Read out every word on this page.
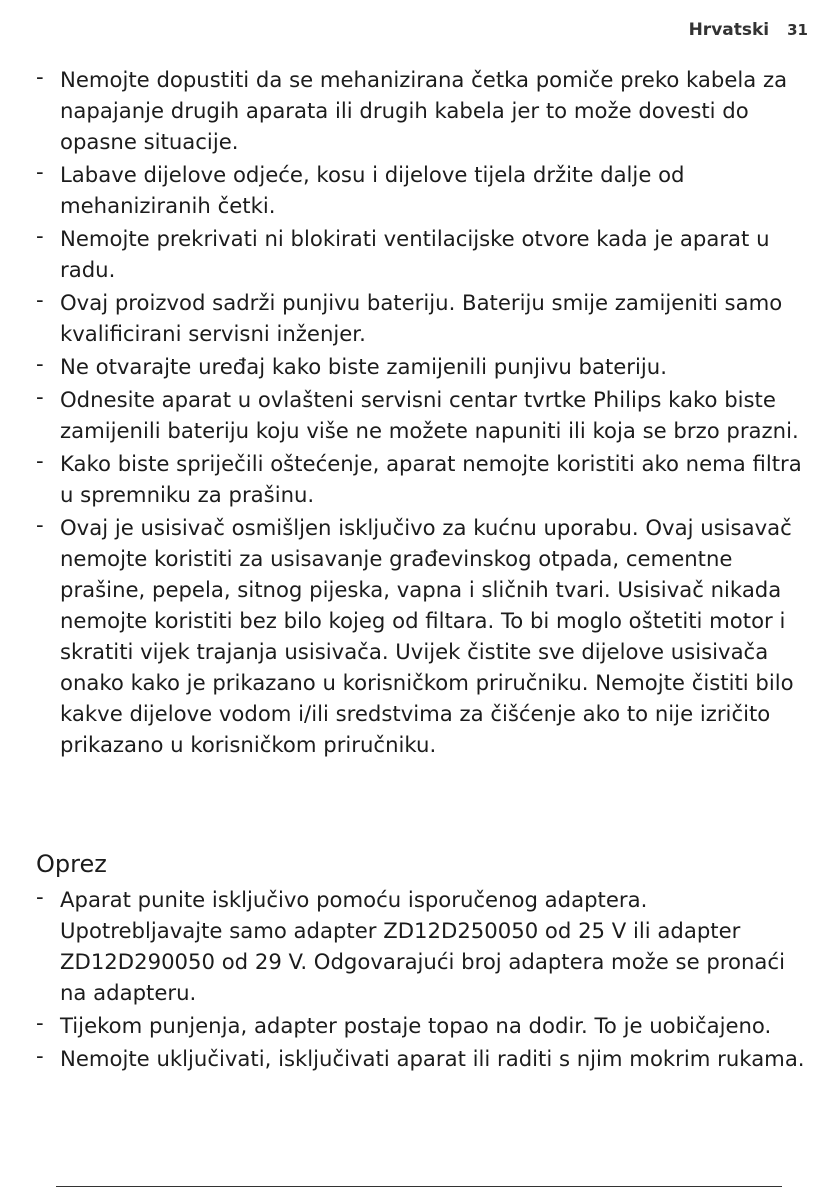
Hrvatski 31
- Nemojte dopustiti da se mehanizirana četka pomiče preko kabela za napajanje drugih aparata ili drugih kabela jer to može dovesti do opasne situacije.
- Labave dijelove odjeće, kosu i dijelove tijela držite dalje od mehaniziranih četki.
- Nemojte prekrivati ni blokirati ventilacijske otvore kada je aparat u radu.
- Ovaj proizvod sadrži punjivu bateriju. Bateriju smije zamijeniti samo kvalificirani servisni inženjer.
- Ne otvarajte uređaj kako biste zamijenili punjivu bateriju.
- Odnesite aparat u ovlašteni servisni centar tvrtke Philips kako biste zamijenili bateriju koju više ne možete napuniti ili koja se brzo prazni.
- Kako biste spriječili oštećenje, aparat nemojte koristiti ako nema filtra u spremniku za prašinu.
- Ovaj je usisivač osmišljen isključivo za kućnu uporabu. Ovaj usisavač nemojte koristiti za usisavanje građevinskog otpada, cementne prašine, pepela, sitnog pijeska, vapna i sličnih tvari. Usisivač nikada nemojte koristiti bez bilo kojeg od filtara. To bi moglo oštetiti motor i skratiti vijek trajanja usisivača. Uvijek čistite sve dijelove usisivača onako kako je prikazano u korisničkom priručniku. Nemojte čistiti bilo kakve dijelove vodom i/ili sredstvima za čišćenje ako to nije izričito prikazano u korisničkom priručniku.
Oprez
- Aparat punite isključivo pomoću isporučenog adaptera. Upotrebljavajte samo adapter ZD12D250050 od 25 V ili adapter ZD12D290050 od 29 V. Odgovarajući broj adaptera može se pronaći na adapteru.
- Tijekom punjenja, adapter postaje topao na dodir. To je uobičajeno.
- Nemojte uključivati, isključivati aparat ili raditi s njim mokrim rukama.
